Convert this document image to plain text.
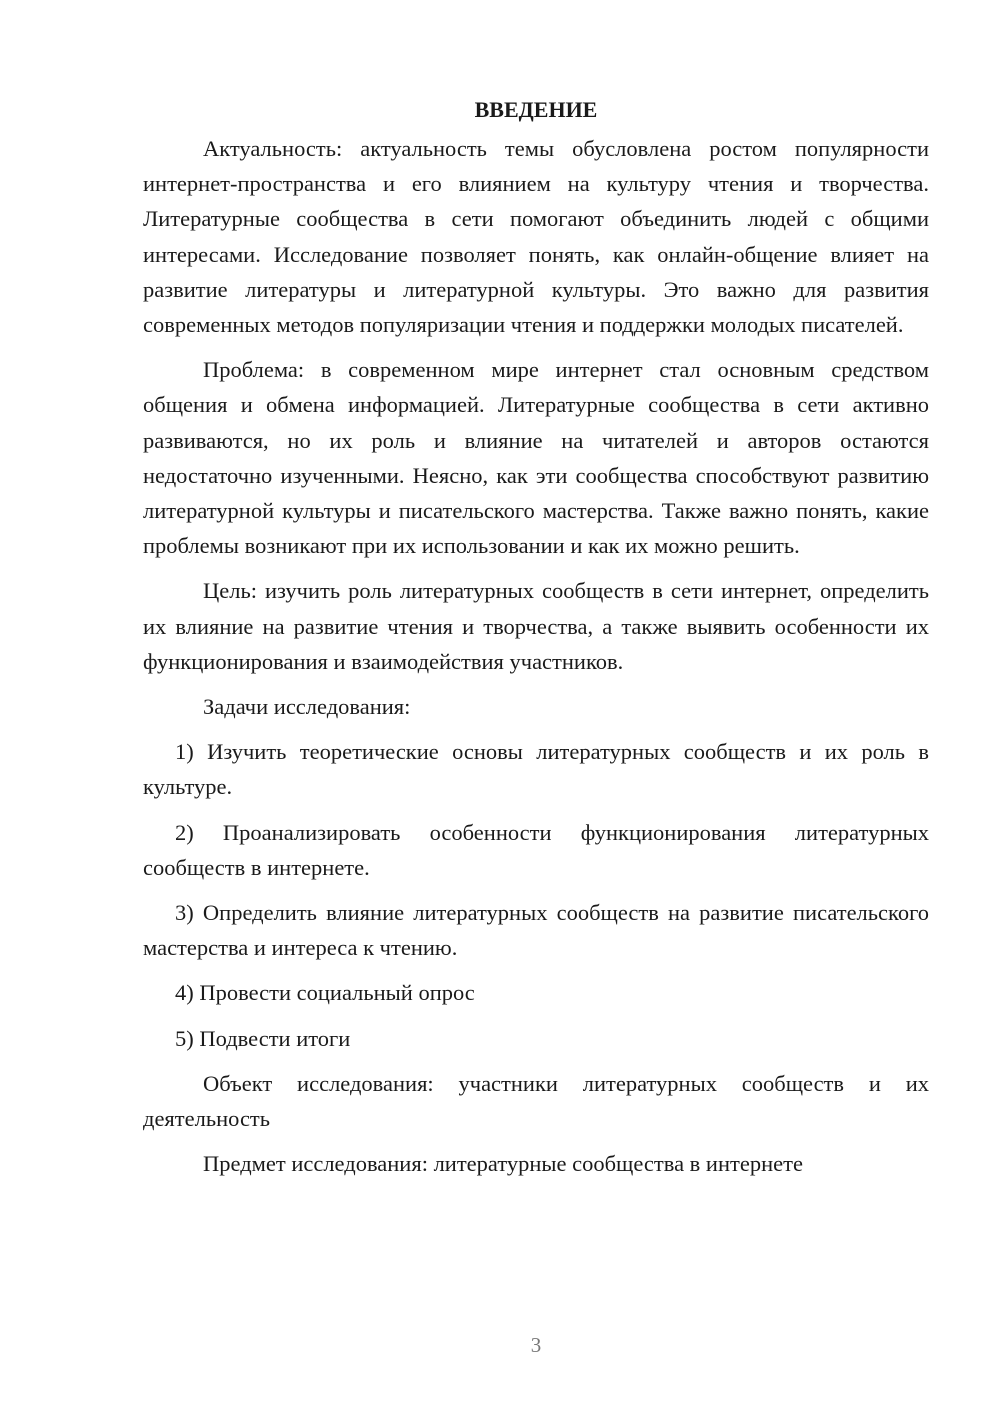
ВВЕДЕНИЕ

Актуальность: актуальность темы обусловлена ростом популярности интернет-пространства и его влиянием на культуру чтения и творчества. Литературные сообщества в сети помогают объединить людей с общими интересами. Исследование позволяет понять, как онлайн-общение влияет на развитие литературы и литературной культуры. Это важно для развития современных методов популяризации чтения и поддержки молодых писателей.

Проблема: в современном мире интернет стал основным средством общения и обмена информацией. Литературные сообщества в сети активно развиваются, но их роль и влияние на читателей и авторов остаются недостаточно изученными. Неясно, как эти сообщества способствуют развитию литературной культуры и писательского мастерства. Также важно понять, какие проблемы возникают при их использовании и как их можно решить.

Цель: изучить роль литературных сообществ в сети интернет, определить их влияние на развитие чтения и творчества, а также выявить особенности их функционирования и взаимодействия участников.

Задачи исследования:

1) Изучить теоретические основы литературных сообществ и их роль в культуре.

2) Проанализировать особенности функционирования литературных сообществ в интернете.

3) Определить влияние литературных сообществ на развитие писательского мастерства и интереса к чтению.

4) Провести социальный опрос

5) Подвести итоги

Объект исследования: участники литературных сообществ и их деятельность

Предмет исследования: литературные сообщества в интернете

3
